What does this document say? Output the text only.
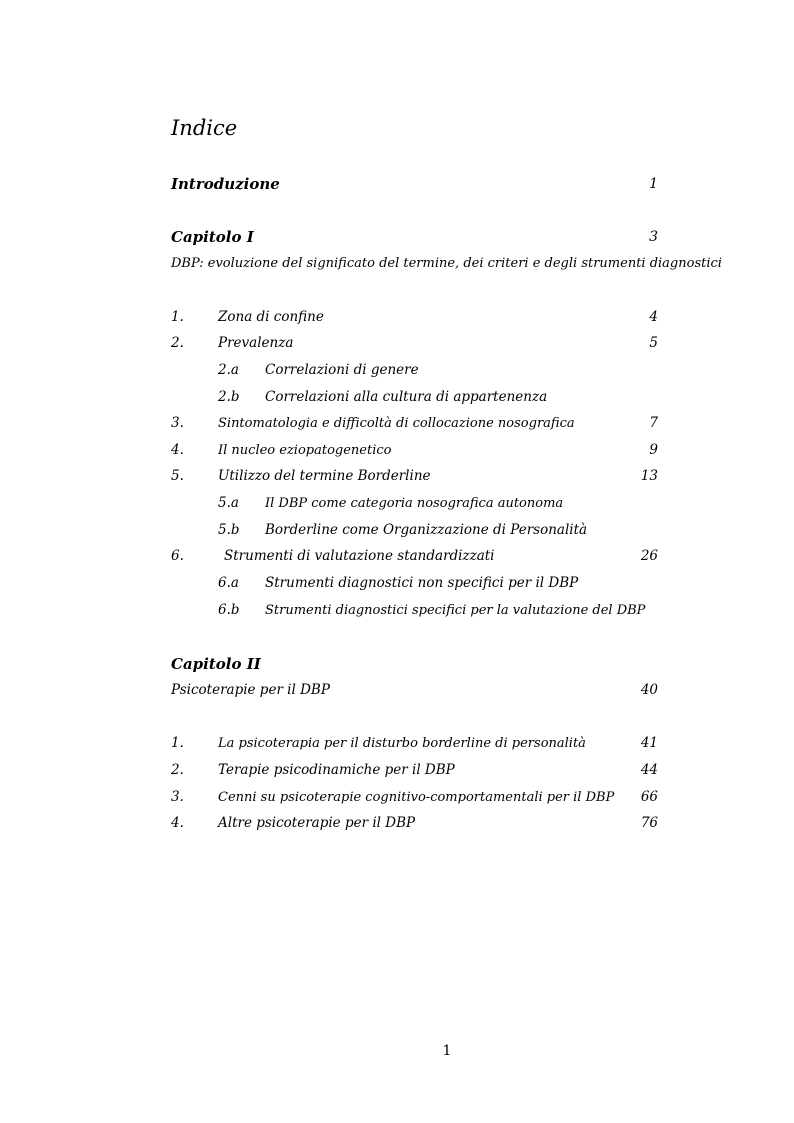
Indice
Introduzione	1
Capitolo I	3
DBP: evoluzione del significato del termine, dei criteri e degli strumenti diagnostici
1.	Zona di confine	4
2.	Prevalenza	5
2.a Correlazioni di genere
2.b Correlazioni alla cultura di appartenenza
3.	Sintomatologia e difficoltà di collocazione nosografica	7
4.	Il nucleo eziopatogenetico	9
5.	Utilizzo del termine Borderline	13
5.a Il DBP come categoria nosografica autonoma
5.b Borderline come Organizzazione di Personalità
6.	Strumenti di valutazione standardizzati	26
6.a Strumenti diagnostici non specifici per il DBP
6.b Strumenti diagnostici specifici per la valutazione del DBP
Capitolo II
Psicoterapie per il DBP	40
1.	La psicoterapia per il disturbo borderline di personalità	41
2.	Terapie psicodinamiche per il DBP	44
3.	Cenni su psicoterapie cognitivo-comportamentali per il DBP 66
4.	Altre psicoterapie per il DBP	76
1
